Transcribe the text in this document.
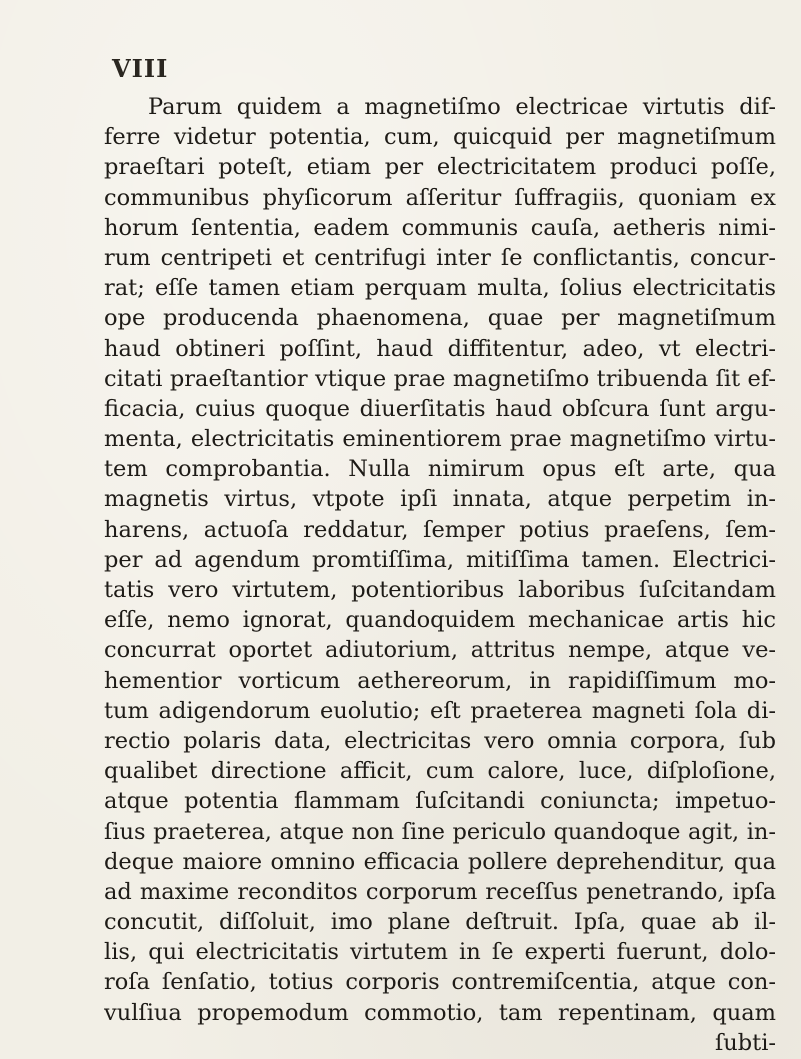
VIII
Parum quidem a magnetiſmo electricae virtutis dif-
ferre videtur potentia, cum, quicquid per magnetiſmum
praeſtari poteſt, etiam per electricitatem produci poſſe,
communibus phyſicorum aſſeritur ſuffragiis, quoniam ex
horum ſententia, eadem communis cauſa, aetheris nimi-
rum centripeti et centrifugi inter ſe conflictantis, concur-
rat; eſſe tamen etiam perquam multa, ſolius electricitatis
ope producenda phaenomena, quae per magnetiſmum
haud obtineri poſſint, haud diffitentur, adeo, vt electri-
citati praeſtantior vtique prae magnetiſmo tribuenda ſit ef-
ficacia, cuius quoque diuerſitatis haud obſcura ſunt argu-
menta, electricitatis eminentiorem prae magnetiſmo virtu-
tem comprobantia. Nulla nimirum opus eſt arte, qua
magnetis virtus, vtpote ipſi innata, atque perpetim in-
harens, actuoſa reddatur, ſemper potius praeſens, ſem-
per ad agendum promtiſſima, mitiſſima tamen. Electrici-
tatis vero virtutem, potentioribus laboribus ſuſcitandam
eſſe, nemo ignorat, quandoquidem mechanicae artis hic
concurrat oportet adiutorium, attritus nempe, atque ve-
hementior vorticum aethereorum, in rapidiſſimum mo-
tum adigendorum euolutio; eſt praeterea magneti ſola di-
rectio polaris data, electricitas vero omnia corpora, ſub
qualibet directione afficit, cum calore, luce, diſploſione,
atque potentia flammam ſuſcitandi coniuncta; impetuo-
ſius praeterea, atque non ſine periculo quandoque agit, in-
deque maiore omnino efficacia pollere deprehenditur, qua
ad maxime reconditos corporum receſſus penetrando, ipſa
concutit, diſſoluit, imo plane deſtruit. Ipſa, quae ab il-
lis, qui electricitatis virtutem in ſe experti fuerunt, dolo-
roſa ſenſatio, totius corporis contremiſcentia, atque con-
vulſiua propemodum commotio, tam repentinam, quam
ſubti-
